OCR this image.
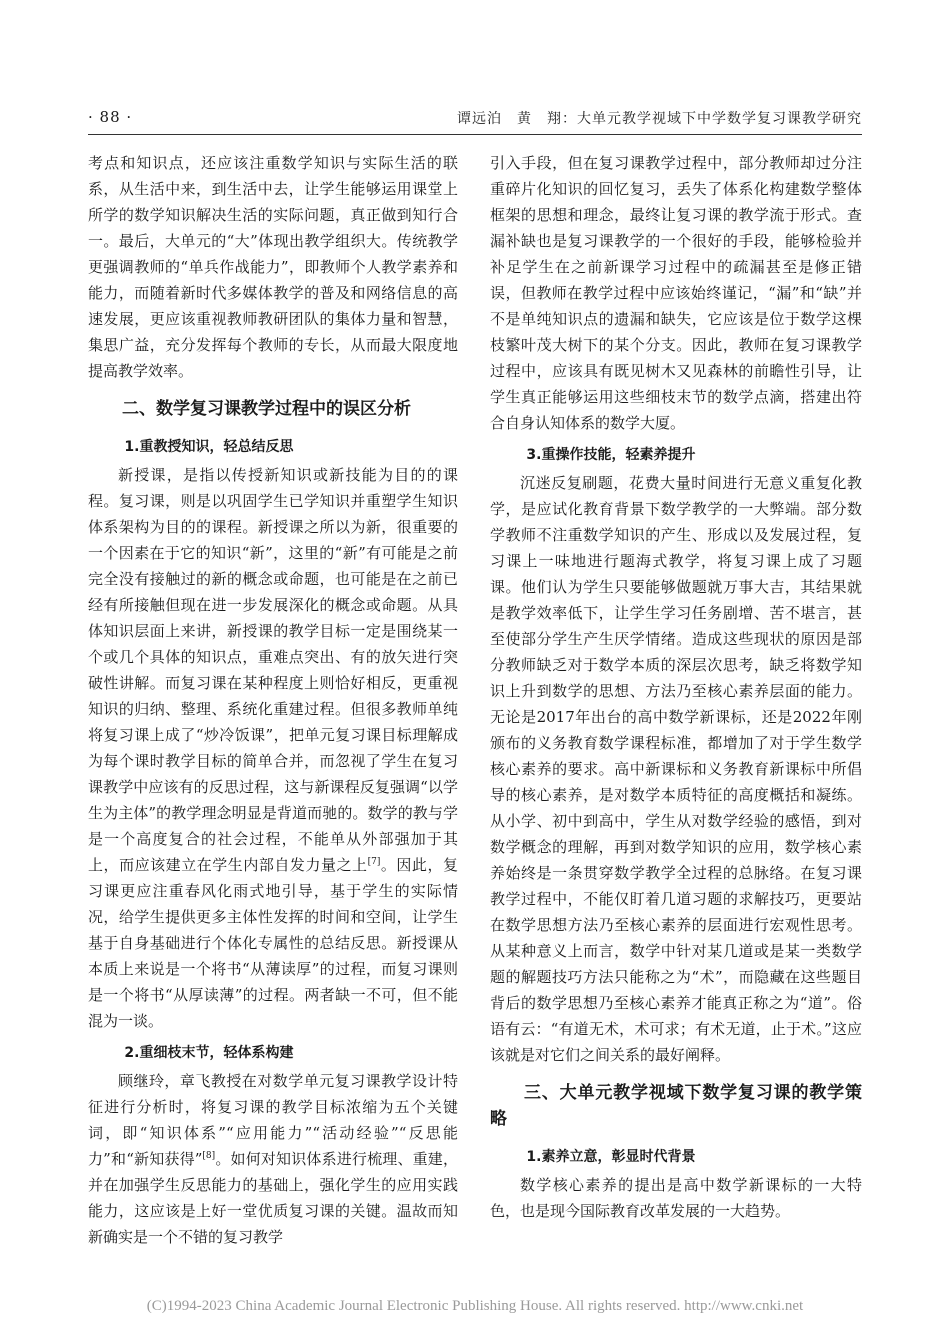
· 88 ·	谭远泊　黄　翔：大单元教学视域下中学数学复习课教学研究

考点和知识点，还应该注重数学知识与实际生活的联系，从生活中来，到生活中去，让学生能够运用课堂上所学的数学知识解决生活的实际问题，真正做到知行合一。最后，大单元的“大”体现出教学组织大。传统教学更强调教师的“单兵作战能力”，即教师个人教学素养和能力，而随着新时代多媒体教学的普及和网络信息的高速发展，更应该重视教师教研团队的集体力量和智慧，集思广益，充分发挥每个教师的专长，从而最大限度地提高教学效率。

二、数学复习课教学过程中的误区分析
1.重教授知识，轻总结反思

新授课，是指以传授新知识或新技能为目的的课程。复习课，则是以巩固学生已学知识并重塑学生知识体系架构为目的的课程。新授课之所以为新，很重要的一个因素在于它的知识“新”，这里的“新”有可能是之前完全没有接触过的新的概念或命题，也可能是在之前已经有所接触但现在进一步发展深化的概念或命题。从具体知识层面上来讲，新授课的教学目标一定是围绕某一个或几个具体的知识点，重难点突出、有的放矢进行突破性讲解。而复习课在某种程度上则恰好相反，更重视知识的归纳、整理、系统化重建过程。但很多教师单纯将复习课上成了“炒冷饭课”，把单元复习课目标理解成为每个课时教学目标的简单合并，而忽视了学生在复习课教学中应该有的反思过程，这与新课程反复强调“以学生为主体”的教学理念明显是背道而驰的。数学的教与学是一个高度复合的社会过程，不能单从外部强加于其上，而应该建立在学生内部自发力量之上[7]。因此，复习课更应注重春风化雨式地引导，基于学生的实际情况，给学生提供更多主体性发挥的时间和空间，让学生基于自身基础进行个体化专属性的总结反思。新授课从本质上来说是一个将书“从薄读厚”的过程，而复习课则是一个将书“从厚读薄”的过程。两者缺一不可，但不能混为一谈。

2.重细枝末节，轻体系构建

顾继玲，章飞教授在对数学单元复习课教学设计特征进行分析时，将复习课的教学目标浓缩为五个关键词，即“知识体系”“应用能力”“活动经验”“反思能力”和“新知获得”[8]。如何对知识体系进行梳理、重建，并在加强学生反思能力的基础上，强化学生的应用实践能力，这应该是上好一堂优质复习课的关键。温故而知新确实是一个不错的复习教学

引入手段，但在复习课教学过程中，部分教师却过分注重碎片化知识的回忆复习，丢失了体系化构建数学整体框架的思想和理念，最终让复习课的教学流于形式。查漏补缺也是复习课教学的一个很好的手段，能够检验并补足学生在之前新课学习过程中的疏漏甚至是修正错误，但教师在教学过程中应该始终谨记，“漏”和“缺”并不是单纯知识点的遗漏和缺失，它应该是位于数学这棵枝繁叶茂大树下的某个分支。因此，教师在复习课教学过程中，应该具有既见树木又见森林的前瞻性引导，让学生真正能够运用这些细枝末节的数学点滴，搭建出符合自身认知体系的数学大厦。

3.重操作技能，轻素养提升

沉迷反复刷题，花费大量时间进行无意义重复化教学，是应试化教育背景下数学教学的一大弊端。部分数学教师不注重数学知识的产生、形成以及发展过程，复习课上一味地进行题海式教学，将复习课上成了习题课。他们认为学生只要能够做题就万事大吉，其结果就是教学效率低下，让学生学习任务剧增、苦不堪言，甚至使部分学生产生厌学情绪。造成这些现状的原因是部分教师缺乏对于数学本质的深层次思考，缺乏将数学知识上升到数学的思想、方法乃至核心素养层面的能力。无论是2017年出台的高中数学新课标，还是2022年刚颁布的义务教育数学课程标准，都增加了对于学生数学核心素养的要求。高中新课标和义务教育新课标中所倡导的核心素养，是对数学本质特征的高度概括和凝练。从小学、初中到高中，学生从对数学经验的感悟，到对数学概念的理解，再到对数学知识的应用，数学核心素养始终是一条贯穿数学教学全过程的总脉络。在复习课教学过程中，不能仅盯着几道习题的求解技巧，更要站在数学思想方法乃至核心素养的层面进行宏观性思考。从某种意义上而言，数学中针对某几道或是某一类数学题的解题技巧方法只能称之为“术”，而隐藏在这些题目背后的数学思想乃至核心素养才能真正称之为“道”。俗语有云：“有道无术，术可求；有术无道，止于术。”这应该就是对它们之间关系的最好阐释。

三、大单元教学视域下数学复习课的教学策略
1.素养立意，彰显时代背景

数学核心素养的提出是高中数学新课标的一大特色，也是现今国际教育改革发展的一大趋势。

(C)1994-2023 China Academic Journal Electronic Publishing House. All rights reserved. http://www.cnki.net
